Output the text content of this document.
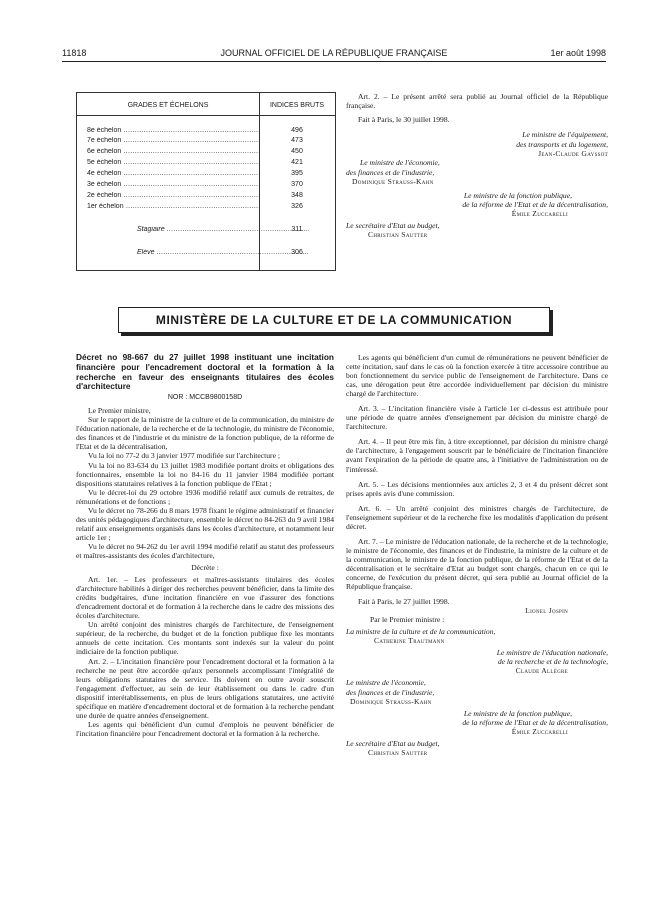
11818	JOURNAL OFFICIEL DE LA RÉPUBLIQUE FRANÇAISE	1er août 1998
GRADES ET ÉCHELONS	INDICES BRUTS
8e échelon .....	496
7e échelon .....	473
6e échelon .....	450
5e échelon .....	421
4e échelon .....	395
3e échelon .....	370
2e échelon .....	348
1er échelon .....	326
Stagiaire .....	311
Elève .....	306

Art. 2. – Le présent arrêté sera publié au Journal officiel de la République française.

Fait à Paris, le 30 juillet 1998.

Le ministre de l'équipement,

des transports et du logement,

Jean-Claude Gayssot

Le ministre de l'économie,

des finances et de l'industrie,

Dominique Strauss-Kahn

Le ministre de la fonction publique,

de la réforme de l'Etat et de la décentralisation,

Émile Zuccarelli

Le secrétaire d'Etat au budget,

Christian Sautter

MINISTÈRE DE LA CULTURE ET DE LA COMMUNICATION

Décret no 98-667 du 27 juillet 1998 instituant une incitation financière pour l'encadrement doctoral et la formation à la recherche en faveur des enseignants titulaires des écoles d'architecture

NOR : MCCB9800158D

Le Premier ministre,

Sur le rapport de la ministre de la culture et de la communication, du ministre de l'éducation nationale, de la recherche et de la technologie, du ministre de l'économie, des finances et de l'industrie et du ministre de la fonction publique, de la réforme de l'Etat et de la décentralisation,

Vu la loi no 77-2 du 3 janvier 1977 modifiée sur l'architecture ;

Vu la loi no 83-634 du 13 juillet 1983 modifiée portant droits et obligations des fonctionnaires, ensemble la loi no 84-16 du 11 janvier 1984 modifiée portant dispositions statutaires relatives à la fonction publique de l'Etat ;

Vu le décret-loi du 29 octobre 1936 modifié relatif aux cumuls de retraites, de rémunérations et de fonctions ;

Vu le décret no 78-266 du 8 mars 1978 fixant le régime administratif et financier des unités pédagogiques d'architecture, ensemble le décret no 84-263 du 9 avril 1984 relatif aux enseignements organisés dans les écoles d'architecture, et notamment leur article 1er ;

Vu le décret no 94-262 du 1er avril 1994 modifié relatif au statut des professeurs et maîtres-assistants des écoles d'architecture,

Décrète :

Art. 1er. – Les professeurs et maîtres-assistants titulaires des écoles d'architecture habilités à diriger des recherches peuvent bénéficier, dans la limite des crédits budgétaires, d'une incitation financière en vue d'assurer des fonctions d'encadrement doctoral et de formation à la recherche dans le cadre des missions des écoles d'architecture.

Un arrêté conjoint des ministres chargés de l'architecture, de l'enseignement supérieur, de la recherche, du budget et de la fonction publique fixe les montants annuels de cette incitation. Ces montants sont indexés sur la valeur du point indiciaire de la fonction publique.

Art. 2. – L'incitation financière pour l'encadrement doctoral et la formation à la recherche ne peut être accordée qu'aux personnels accomplissant l'intégralité de leurs obligations statutaires de service. Ils doivent en outre avoir souscrit l'engagement d'effectuer, au sein de leur établissement ou dans le cadre d'un dispositif interétablissements, en plus de leurs obligations statutaires, une activité spécifique en matière d'encadrement doctoral et de formation à la recherche pendant une durée de quatre années d'enseignement.

Les agents qui bénéficient d'un cumul d'emplois ne peuvent bénéficier de l'incitation financière pour l'encadrement doctoral et la formation à la recherche.

Les agents qui bénéficient d'un cumul de rémunérations ne peuvent bénéficier de cette incitation, sauf dans le cas où la fonction exercée à titre accessoire contribue au bon fonctionnement du service public de l'enseignement de l'architecture. Dans ce cas, une dérogation peut être accordée individuellement par décision du ministre chargé de l'architecture.

Art. 3. – L'incitation financière visée à l'article 1er ci-dessus est attribuée pour une période de quatre années d'enseignement par décision du ministre chargé de l'architecture.

Art. 4. – Il peut être mis fin, à titre exceptionnel, par décision du ministre chargé de l'architecture, à l'engagement souscrit par le bénéficiaire de l'incitation financière avant l'expiration de la période de quatre ans, à l'initiative de l'administration ou de l'intéressé.

Art. 5. – Les décisions mentionnées aux articles 2, 3 et 4 du présent décret sont prises après avis d'une commission.

Art. 6. – Un arrêté conjoint des ministres chargés de l'architecture, de l'enseignement supérieur et de la recherche fixe les modalités d'application du présent décret.

Art. 7. – Le ministre de l'éducation nationale, de la recherche et de la technologie, le ministre de l'économie, des finances et de l'industrie, la ministre de la culture et de la communication, le ministre de la fonction publique, de la réforme de l'Etat et de la décentralisation et le secrétaire d'Etat au budget sont chargés, chacun en ce qui le concerne, de l'exécution du présent décret, qui sera publié au Journal officiel de la République française.

Fait à Paris, le 27 juillet 1998.

Lionel Jospin

Par le Premier ministre :

La ministre de la culture et de la communication,

Catherine Trautmann

Le ministre de l'éducation nationale,

de la recherche et de la technologie,

Claude Allègre

Le ministre de l'économie,

des finances et de l'industrie,

Dominique Strauss-Kahn

Le ministre de la fonction publique,

de la réforme de l'Etat et de la décentralisation,

Émile Zuccarelli

Le secrétaire d'Etat au budget,

Christian Sautter
